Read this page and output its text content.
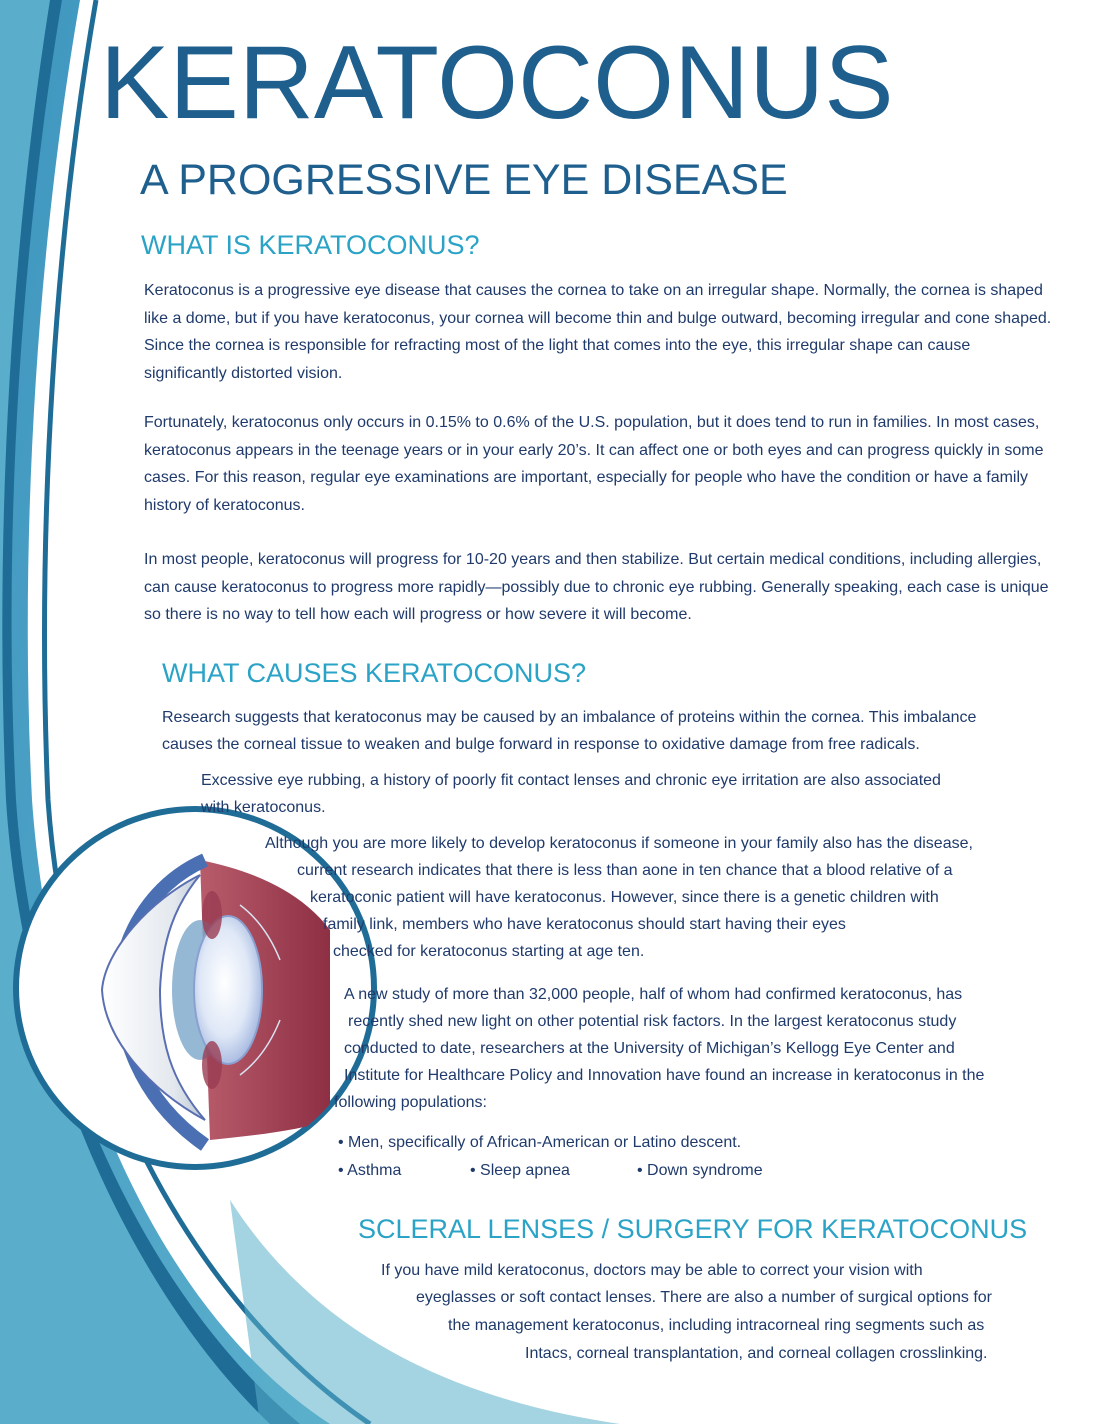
KERATOCONUS
A PROGRESSIVE EYE DISEASE
WHAT IS KERATOCONUS?

Keratoconus is a progressive eye disease that causes the cornea to take on an irregular shape. Normally, the cornea is shaped like a dome, but if you have keratoconus, your cornea will become thin and bulge outward, becoming irregular and cone shaped. Since the cornea is responsible for refracting most of the light that comes into the eye, this irregular shape can cause significantly distorted vision.

Fortunately, keratoconus only occurs in 0.15% to 0.6% of the U.S. population, but it does tend to run in families. In most cases, keratoconus appears in the teenage years or in your early 20’s. It can affect one or both eyes and can progress quickly in some cases. For this reason, regular eye examinations are important, especially for people who have the condition or have a family history of keratoconus.

In most people, keratoconus will progress for 10-20 years and then stabilize. But certain medical conditions, including allergies, can cause keratoconus to progress more rapidly—possibly due to chronic eye rubbing. Generally speaking, each case is unique so there is no way to tell how each will progress or how severe it will become.

WHAT CAUSES KERATOCONUS?
Research suggests that keratoconus may be caused by an imbalance of proteins within the cornea. This imbalance
causes the corneal tissue to weaken and bulge forward in response to oxidative damage from free radicals.
Excessive eye rubbing, a history of poorly fit contact lenses and chronic eye irritation are also associated
with keratoconus.
Although you are more likely to develop keratoconus if someone in your family also has the disease,
current research indicates that there is less than aone in ten chance that a blood relative of a
keratoconic patient will have keratoconus. However, since there is a genetic children with
family link, members who have keratoconus should start having their eyes
checked for keratoconus starting at age ten.
A new study of more than 32,000 people, half of whom had confirmed keratoconus, has
recently shed new light on other potential risk factors. In the largest keratoconus study
conducted to date, researchers at the University of Michigan’s Kellogg Eye Center and
Institute for Healthcare Policy and Innovation have found an increase in keratoconus in the
following populations:
• Men, specifically of African-American or Latino descent.
• Asthma	• Sleep apnea	• Down syndrome
SCLERAL LENSES / SURGERY FOR KERATOCONUS
If you have mild keratoconus, doctors may be able to correct your vision with
eyeglasses or soft contact lenses. There are also a number of surgical options for
the management keratoconus, including intracorneal ring segments such as
Intacs, corneal transplantation, and corneal collagen crosslinking.
